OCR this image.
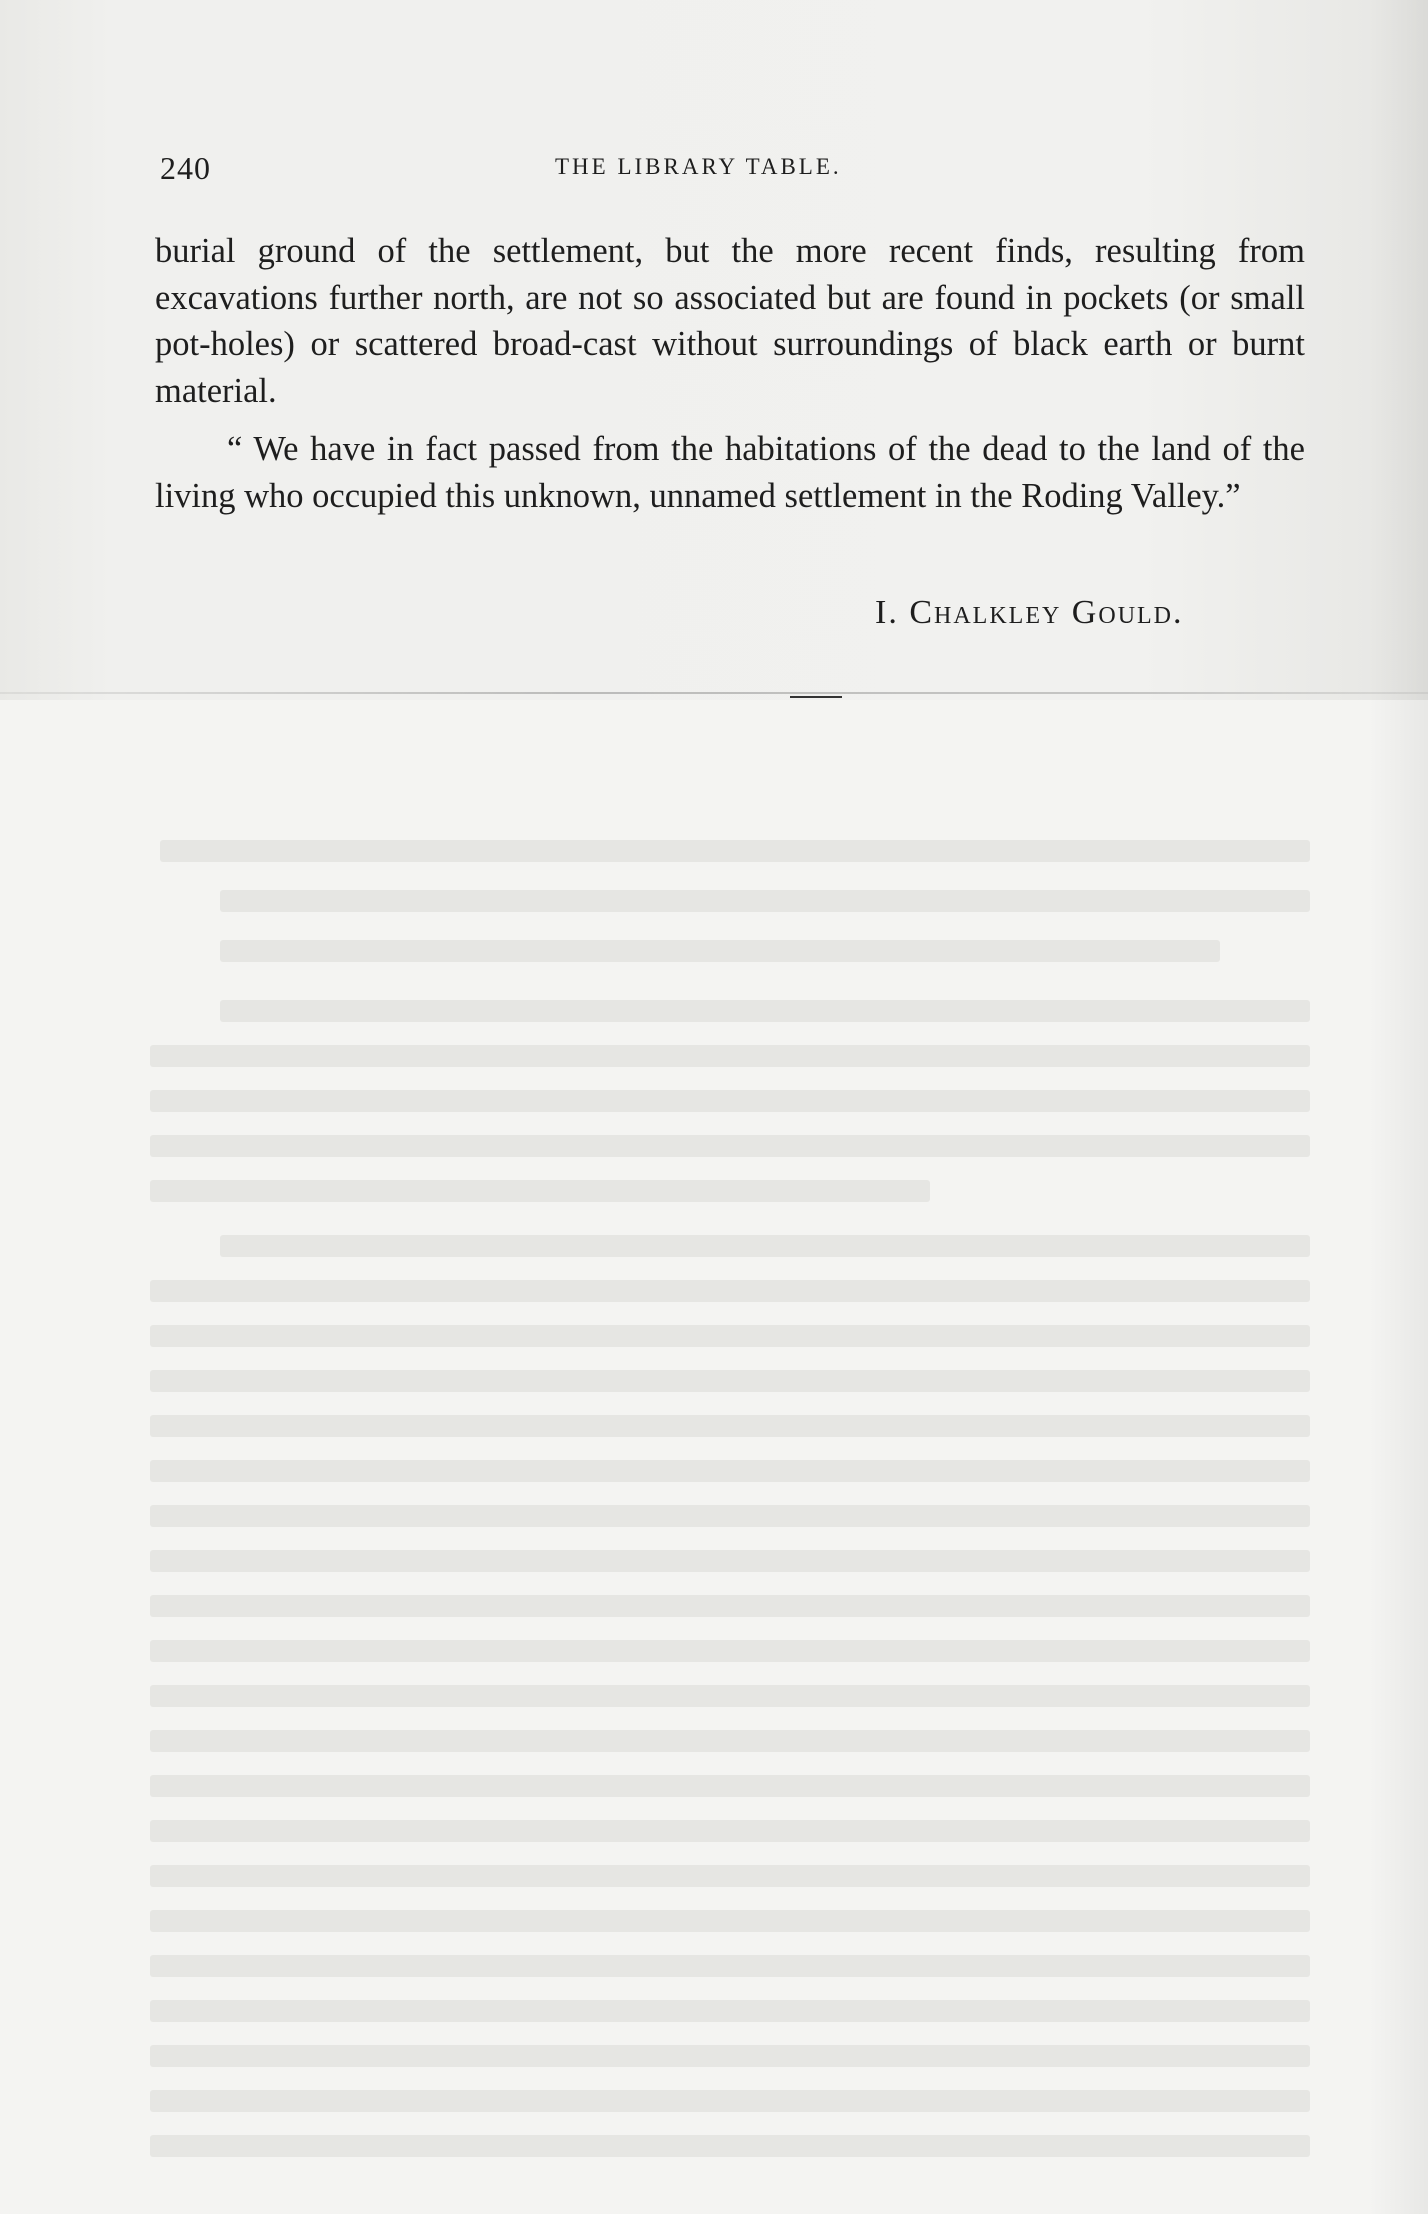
240	THE LIBRARY TABLE.

burial ground of the settlement, but the more recent finds, resulting from excavations further north, are not so associated but are found in pockets (or small pot-holes) or scattered broad-cast without surroundings of black earth or burnt material.

“ We have in fact passed from the habitations of the dead to the land of the living who occupied this unknown, unnamed settlement in the Roding Valley.”

I. Chalkley Gould.
